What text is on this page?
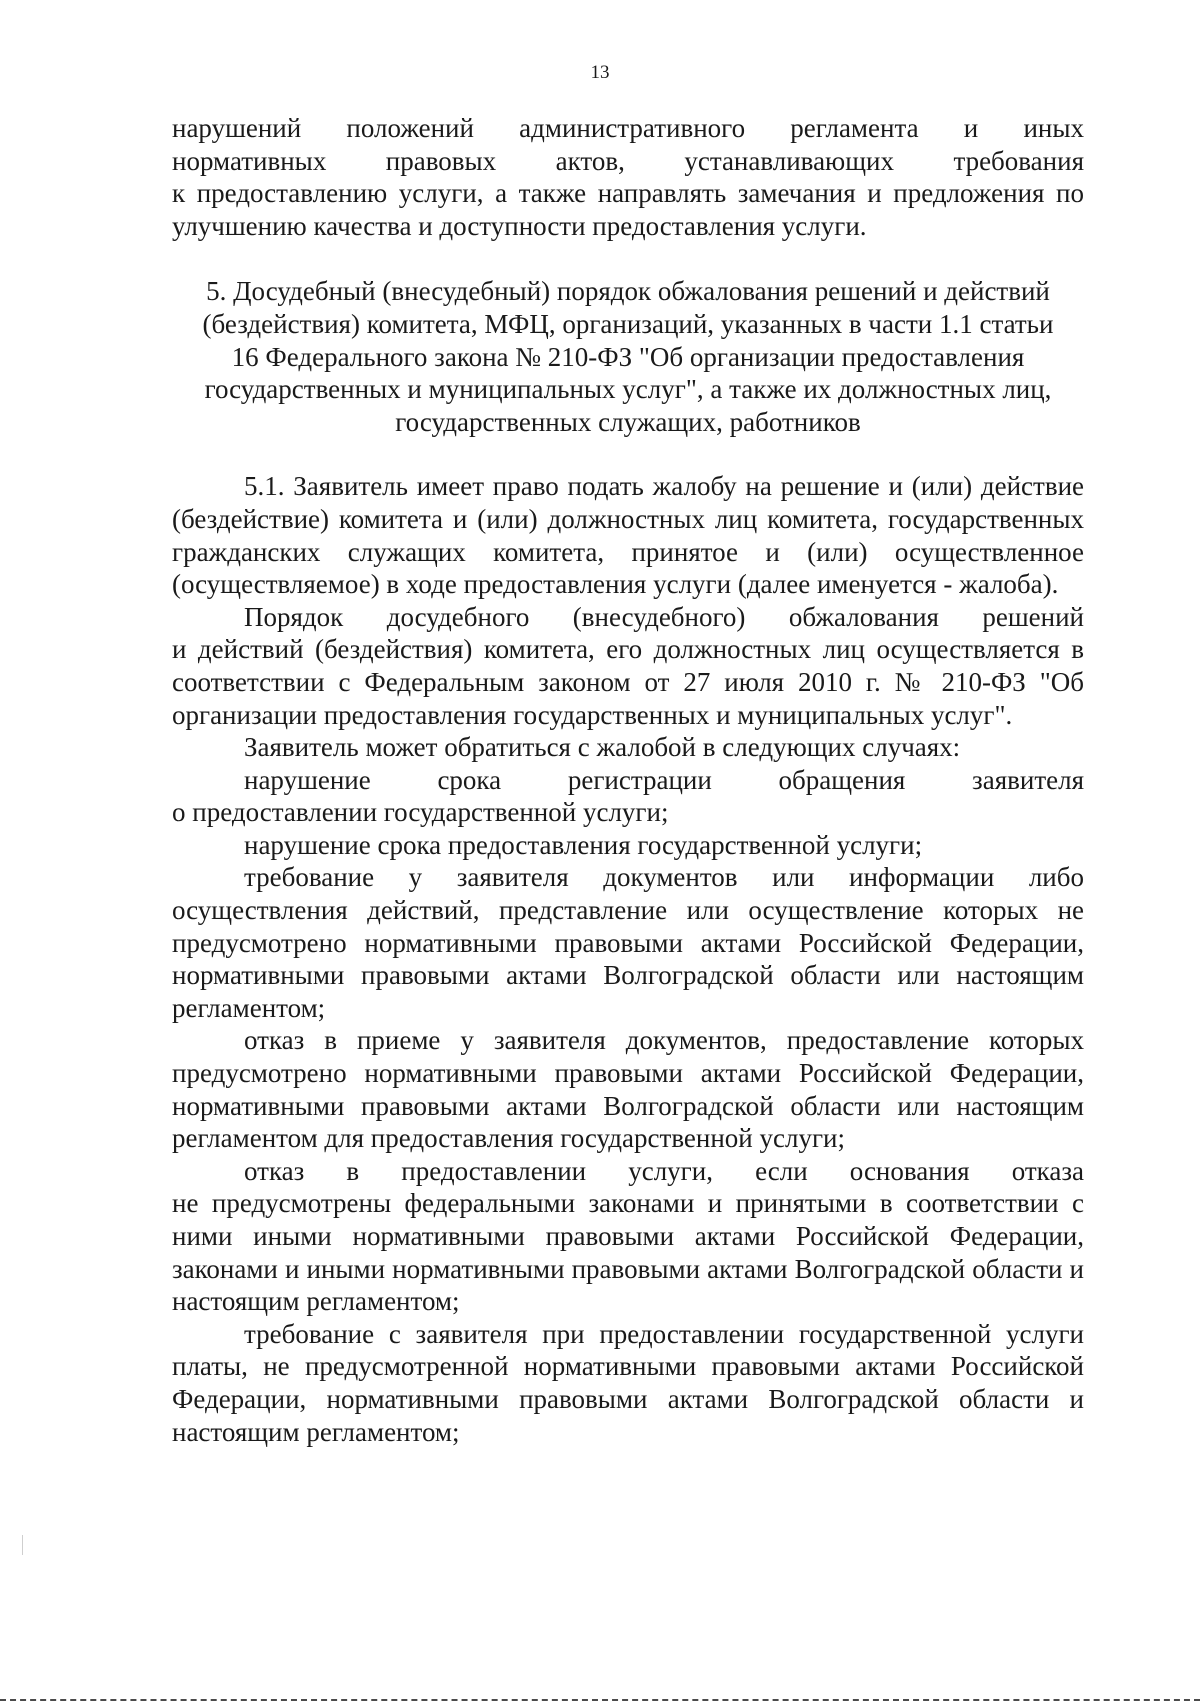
13

нарушений положений административного регламента и иных

нормативных правовых актов, устанавливающих требования

к предоставлению услуги, а также направлять замечания и предложения по улучшению качества и доступности предоставления услуги.

5. Досудебный (внесудебный) порядок обжалования решений и действий
(бездействия) комитета, МФЦ, организаций, указанных в части 1.1 статьи
16 Федерального закона № 210-ФЗ "Об организации предоставления
государственных и муниципальных услуг", а также их должностных лиц,
государственных служащих, работников

5.1. Заявитель имеет право подать жалобу на решение и (или) действие (бездействие) комитета и (или) должностных лиц комитета, государственных гражданских служащих комитета, принятое и (или) осуществленное (осуществляемое) в ходе предоставления услуги (далее именуется - жалоба).

Порядок досудебного (внесудебного) обжалования решений

и действий (бездействия) комитета, его должностных лиц осуществляется в соответствии с Федеральным законом от 27 июля 2010 г. № 210-ФЗ "Об организации предоставления государственных и муниципальных услуг".

Заявитель может обратиться с жалобой в следующих случаях:

нарушение срока регистрации обращения заявителя

о предоставлении государственной услуги;

нарушение срока предоставления государственной услуги;

требование у заявителя документов или информации либо осуществления действий, представление или осуществление которых не предусмотрено нормативными правовыми актами Российской Федерации, нормативными правовыми актами Волгоградской области или настоящим регламентом;

отказ в приеме у заявителя документов, предоставление которых предусмотрено нормативными правовыми актами Российской Федерации, нормативными правовыми актами Волгоградской области или настоящим регламентом для предоставления государственной услуги;

отказ в предоставлении услуги, если основания отказа

не предусмотрены федеральными законами и принятыми в соответствии с ними иными нормативными правовыми актами Российской Федерации, законами и иными нормативными правовыми актами Волгоградской области и настоящим регламентом;

требование с заявителя при предоставлении государственной услуги платы, не предусмотренной нормативными правовыми актами Российской Федерации, нормативными правовыми актами Волгоградской области и настоящим регламентом;
